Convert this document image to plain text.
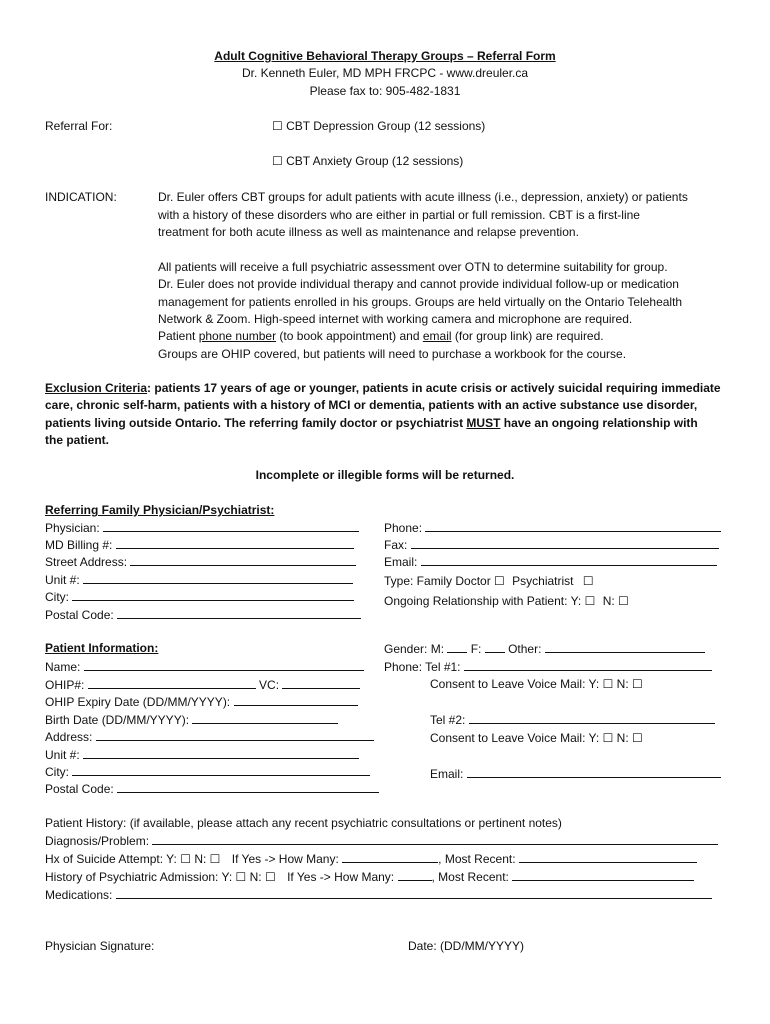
Adult Cognitive Behavioral Therapy Groups – Referral Form
Dr. Kenneth Euler, MD MPH FRCPC - www.dreuler.ca
Please fax to: 905-482-1831
Referral For:	☐ CBT Depression Group (12 sessions)
☐ CBT Anxiety Group (12 sessions)
INDICATION:	Dr. Euler offers CBT groups for adult patients with acute illness (i.e., depression, anxiety) or patients
with a history of these disorders who are either in partial or full remission. CBT is a first-line
treatment for both acute illness as well as maintenance and relapse prevention.
All patients will receive a full psychiatric assessment over OTN to determine suitability for group.
Dr. Euler does not provide individual therapy and cannot provide individual follow-up or medication
management for patients enrolled in his groups. Groups are held virtually on the Ontario Telehealth
Network & Zoom. High-speed internet with working camera and microphone are required.
Patient phone number (to book appointment) and email (for group link) are required.
Groups are OHIP covered, but patients will need to purchase a workbook for the course.
Exclusion Criteria: patients 17 years of age or younger, patients in acute crisis or actively suicidal requiring immediate
care, chronic self-harm, patients with a history of MCI or dementia, patients with an active substance use disorder,
patients living outside Ontario. The referring family doctor or psychiatrist MUST have an ongoing relationship with
the patient.
Incomplete or illegible forms will be returned.
Referring Family Physician/Psychiatrist:
Physician:
MD Billing #:
Street Address:
Unit #:
City:
Postal Code:
Phone:
Fax:
Email:
Type: Family Doctor ☐ Psychiatrist ☐
Ongoing Relationship with Patient: Y: ☐ N: ☐
Patient Information:
Name:
OHIP#:	VC:
OHIP Expiry Date (DD/MM/YYYY):
Birth Date (DD/MM/YYYY):
Address:
Unit #:
City:
Postal Code:
Gender: M: F: Other:
Phone: Tel #1:
Consent to Leave Voice Mail: Y: ☐ N: ☐
Tel #2:
Consent to Leave Voice Mail: Y: ☐ N: ☐
Email:
Patient History: (if available, please attach any recent psychiatric consultations or pertinent notes)
Diagnosis/Problem:
Hx of Suicide Attempt: Y: ☐ N: ☐ If Yes -> How Many:	, Most Recent:
History of Psychiatric Admission: Y: ☐ N: ☐ If Yes -> How Many:	, Most Recent:
Medications:
Physician Signature:	Date: (DD/MM/YYYY)
